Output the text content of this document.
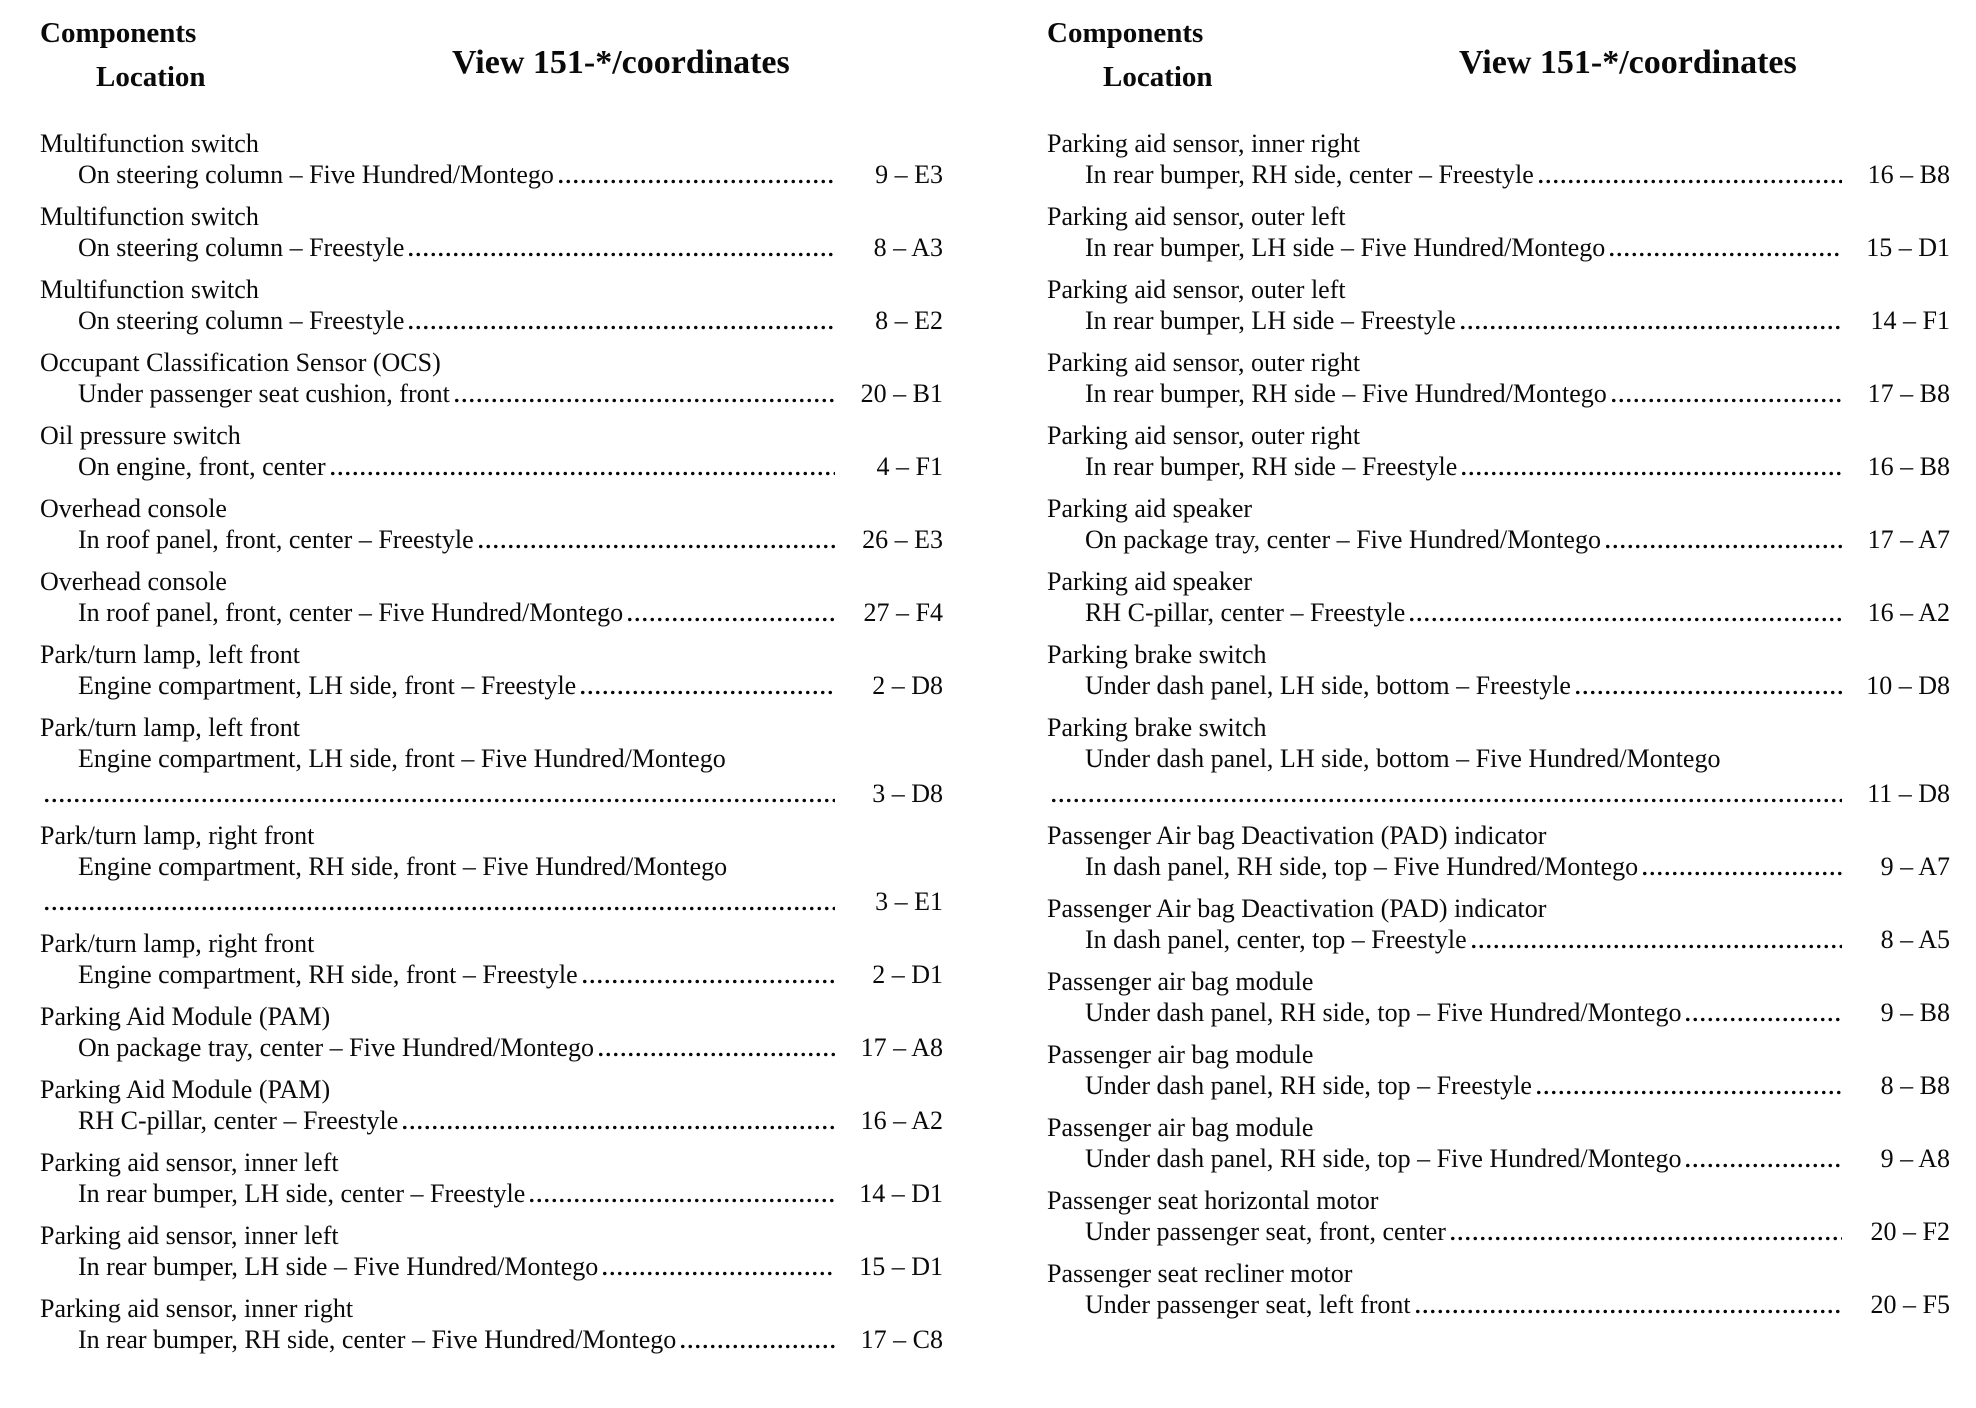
Components
Location	View 151-*/coordinates
Multifunction switch
On steering column – Five Hundred/Montego	9 – E3
Multifunction switch
On steering column – Freestyle	8 – A3
Multifunction switch
On steering column – Freestyle	8 – E2
Occupant Classification Sensor (OCS)
Under passenger seat cushion, front	20 – B1
Oil pressure switch
On engine, front, center	4 – F1
Overhead console
In roof panel, front, center – Freestyle	26 – E3
Overhead console
In roof panel, front, center – Five Hundred/Montego	27 – F4
Park/turn lamp, left front
Engine compartment, LH side, front – Freestyle	2 – D8
Park/turn lamp, left front
Engine compartment, LH side, front – Five Hundred/Montego
3 – D8
Park/turn lamp, right front
Engine compartment, RH side, front – Five Hundred/Montego
3 – E1
Park/turn lamp, right front
Engine compartment, RH side, front – Freestyle	2 – D1
Parking Aid Module (PAM)
On package tray, center – Five Hundred/Montego	17 – A8
Parking Aid Module (PAM)
RH C-pillar, center – Freestyle	16 – A2
Parking aid sensor, inner left
In rear bumper, LH side, center – Freestyle	14 – D1
Parking aid sensor, inner left
In rear bumper, LH side – Five Hundred/Montego	15 – D1
Parking aid sensor, inner right
In rear bumper, RH side, center – Five Hundred/Montego	17 – C8
Components
Location	View 151-*/coordinates
Parking aid sensor, inner right
In rear bumper, RH side, center – Freestyle	16 – B8
Parking aid sensor, outer left
In rear bumper, LH side – Five Hundred/Montego	15 – D1
Parking aid sensor, outer left
In rear bumper, LH side – Freestyle	14 – F1
Parking aid sensor, outer right
In rear bumper, RH side – Five Hundred/Montego	17 – B8
Parking aid sensor, outer right
In rear bumper, RH side – Freestyle	16 – B8
Parking aid speaker
On package tray, center – Five Hundred/Montego	17 – A7
Parking aid speaker
RH C-pillar, center – Freestyle	16 – A2
Parking brake switch
Under dash panel, LH side, bottom – Freestyle	10 – D8
Parking brake switch
Under dash panel, LH side, bottom – Five Hundred/Montego
11 – D8
Passenger Air bag Deactivation (PAD) indicator
In dash panel, RH side, top – Five Hundred/Montego	9 – A7
Passenger Air bag Deactivation (PAD) indicator
In dash panel, center, top – Freestyle	8 – A5
Passenger air bag module
Under dash panel, RH side, top – Five Hundred/Montego	9 – B8
Passenger air bag module
Under dash panel, RH side, top – Freestyle	8 – B8
Passenger air bag module
Under dash panel, RH side, top – Five Hundred/Montego	9 – A8
Passenger seat horizontal motor
Under passenger seat, front, center	20 – F2
Passenger seat recliner motor
Under passenger seat, left front	20 – F5
